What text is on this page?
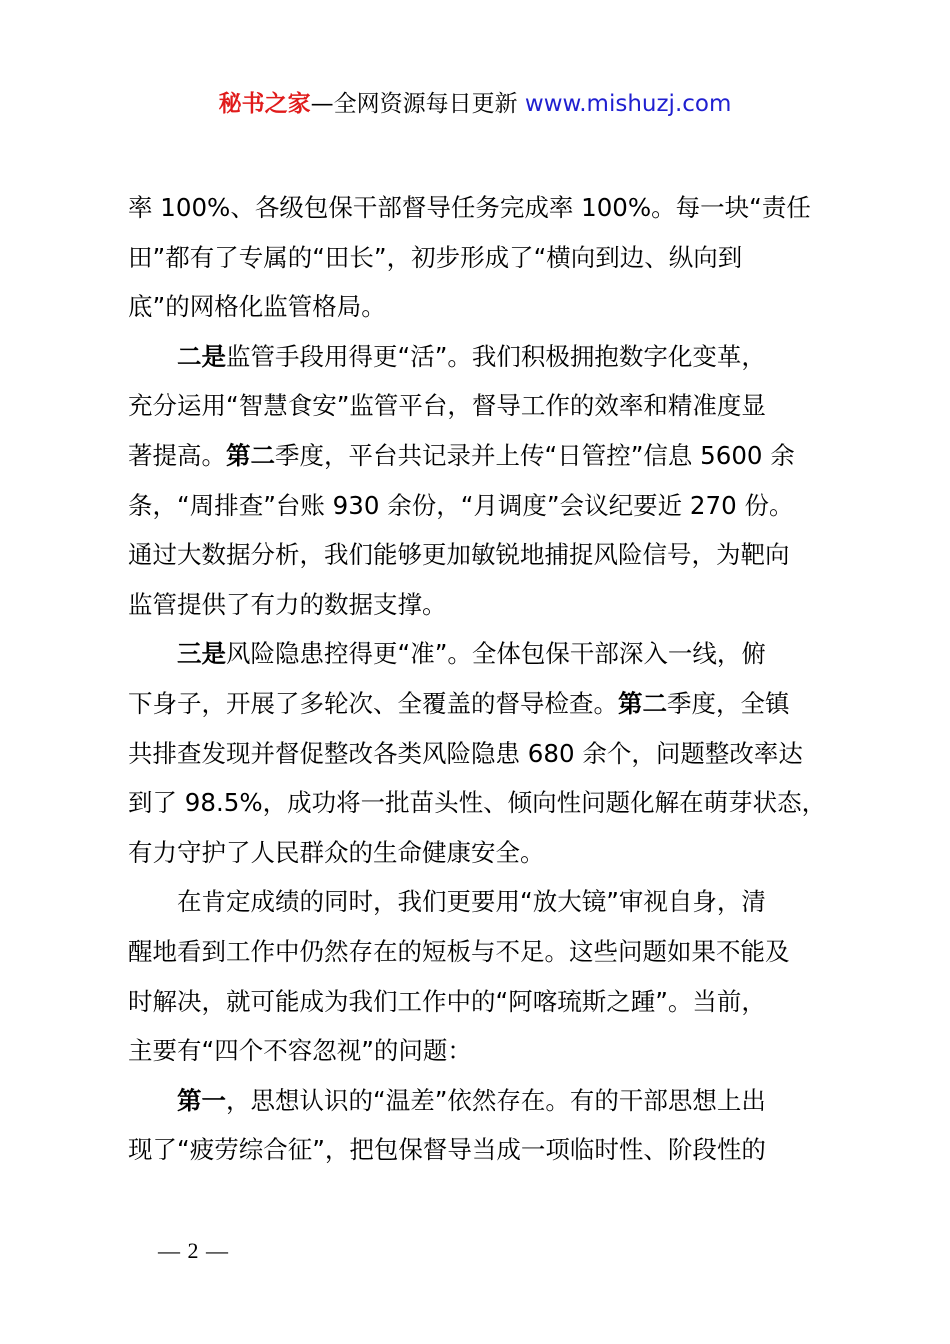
秘书之家—全网资源每日更新 www.mishuzj.com
率 100%、各级包保干部督导任务完成率 100%。每一块“责任
田”都有了专属的“田长”，初步形成了“横向到边、纵向到
底”的网格化监管格局。
二是监管手段用得更“活”。我们积极拥抱数字化变革，
充分运用“智慧食安”监管平台，督导工作的效率和精准度显
著提高。第二季度，平台共记录并上传“日管控”信息 5600 余
条，“周排查”台账 930 余份，“月调度”会议纪要近 270 份。
通过大数据分析，我们能够更加敏锐地捕捉风险信号，为靶向
监管提供了有力的数据支撑。
三是风险隐患控得更“准”。全体包保干部深入一线，俯
下身子，开展了多轮次、全覆盖的督导检查。第二季度，全镇
共排查发现并督促整改各类风险隐患 680 余个，问题整改率达
到了 98.5%，成功将一批苗头性、倾向性问题化解在萌芽状态，
有力守护了人民群众的生命健康安全。
在肯定成绩的同时，我们更要用“放大镜”审视自身，清
醒地看到工作中仍然存在的短板与不足。这些问题如果不能及
时解决，就可能成为我们工作中的“阿喀琉斯之踵”。当前，
主要有“四个不容忽视”的问题：
第一，思想认识的“温差”依然存在。有的干部思想上出
现了“疲劳综合征”，把包保督导当成一项临时性、阶段性的
— 2 —
